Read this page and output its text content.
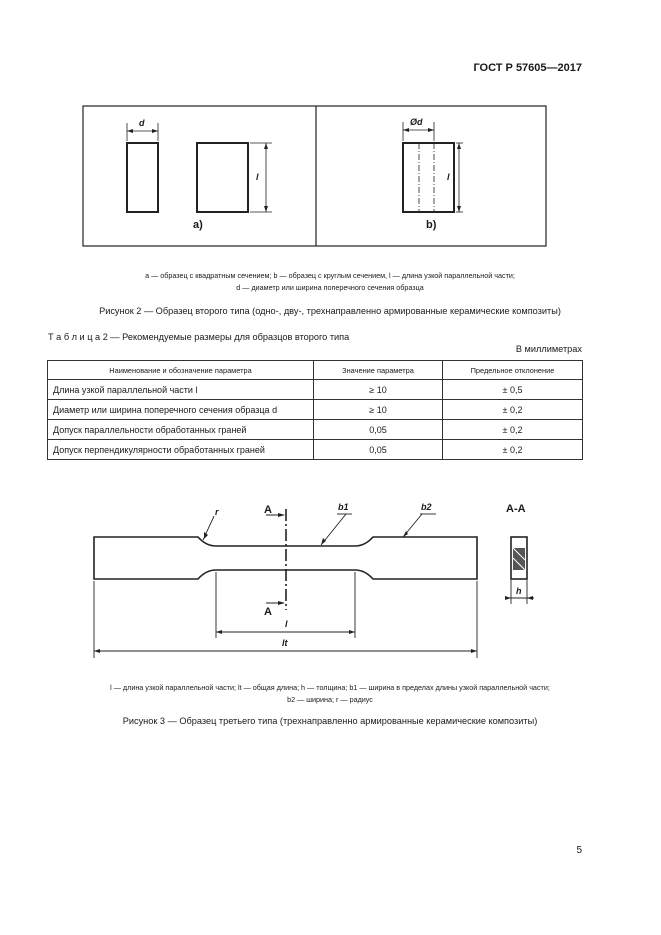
ГОСТ Р 57605—2017
d
l
а)
Ød
l
b)
а — образец с квадратным сечением; b — образец с круглым сечением, l — длина узкой параллельной части;
d — диаметр или ширина поперечного сечения образца
Рисунок 2 — Образец второго типа (одно-, дву-, трехнаправленно армированные керамические композиты)
Т а б л и ц а 2 — Рекомендуемые размеры для образцов второго типа
В миллиметрах
Наименование и обозначение параметра	Значение параметра	Предельное отклонение
Длина узкой параллельной части l	≥ 10	± 0,5
Диаметр или ширина поперечного сечения образца d	≥ 10	± 0,2
Допуск параллельности обработанных граней	0,05	± 0,2
Допуск перпендикулярности обработанных граней	0,05	± 0,2
A
A
r	b1	b2	A-A
h
l
lt
l — длина узкой параллельной части; lt — общая длина; h — толщина; b1 — ширина в пределах длины узкой параллельной части;
b2 — ширина; r — радиус
Рисунок 3 — Образец третьего типа (трехнаправленно армированные керамические композиты)
5
